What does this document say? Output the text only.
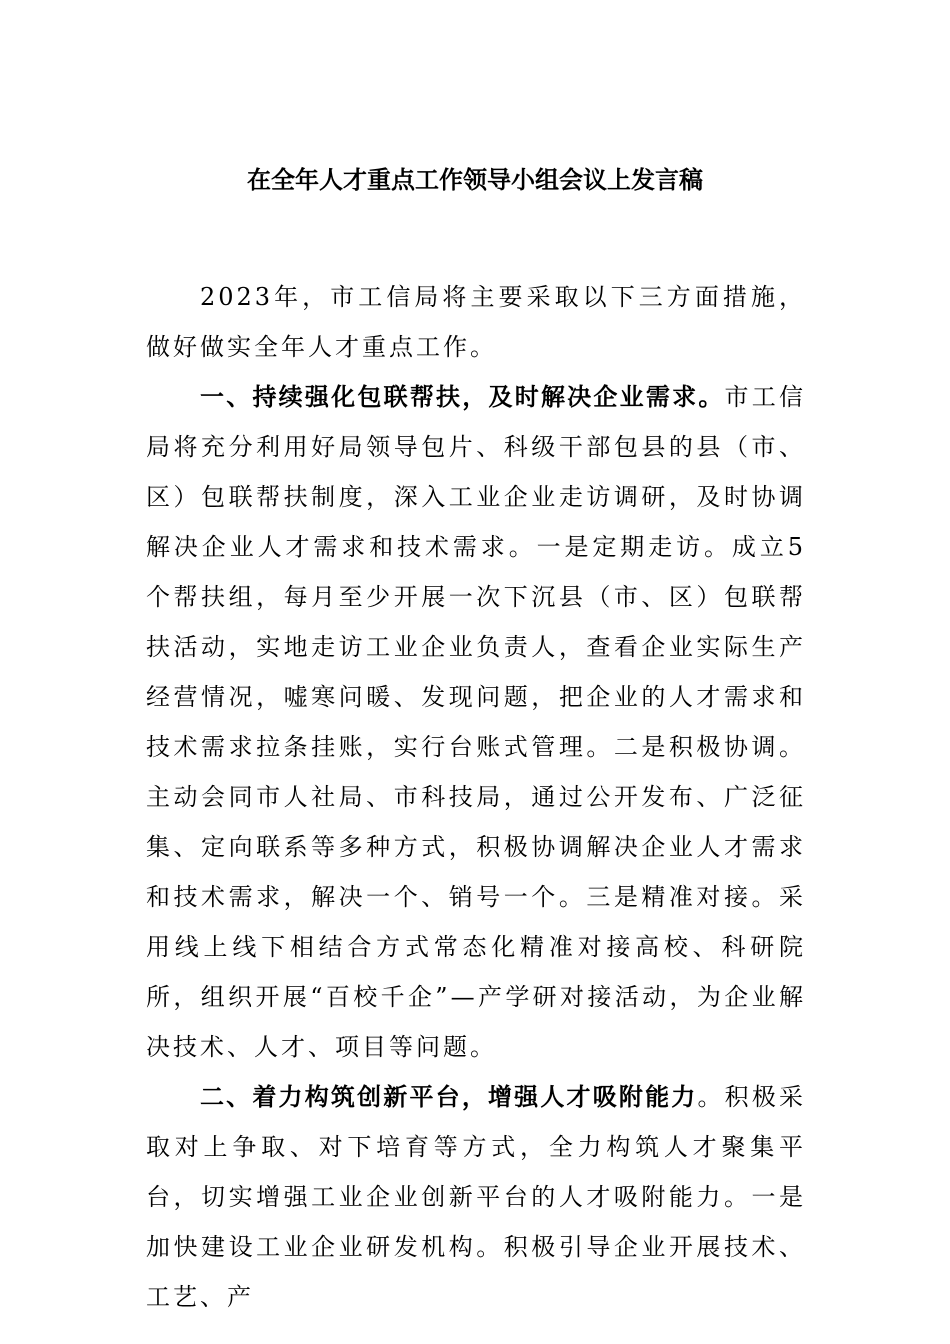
在全年人才重点工作领导小组会议上发言稿

2023年，市工信局将主要采取以下三方面措施，做好做实全年人才重点工作。

一、持续强化包联帮扶，及时解决企业需求。市工信局将充分利用好局领导包片、科级干部包县的县（市、区）包联帮扶制度，深入工业企业走访调研，及时协调解决企业人才需求和技术需求。一是定期走访。成立5个帮扶组，每月至少开展一次下沉县（市、区）包联帮扶活动，实地走访工业企业负责人，查看企业实际生产经营情况，嘘寒问暖、发现问题，把企业的人才需求和技术需求拉条挂账，实行台账式管理。二是积极协调。主动会同市人社局、市科技局，通过公开发布、广泛征集、定向联系等多种方式，积极协调解决企业人才需求和技术需求，解决一个、销号一个。三是精准对接。采用线上线下相结合方式常态化精准对接高校、科研院所，组织开展“百校千企”—产学研对接活动，为企业解决技术、人才、项目等问题。

二、着力构筑创新平台，增强人才吸附能力。积极采取对上争取、对下培育等方式，全力构筑人才聚集平台，切实增强工业企业创新平台的人才吸附能力。一是加快建设工业企业研发机构。积极引导企业开展技术、工艺、产
